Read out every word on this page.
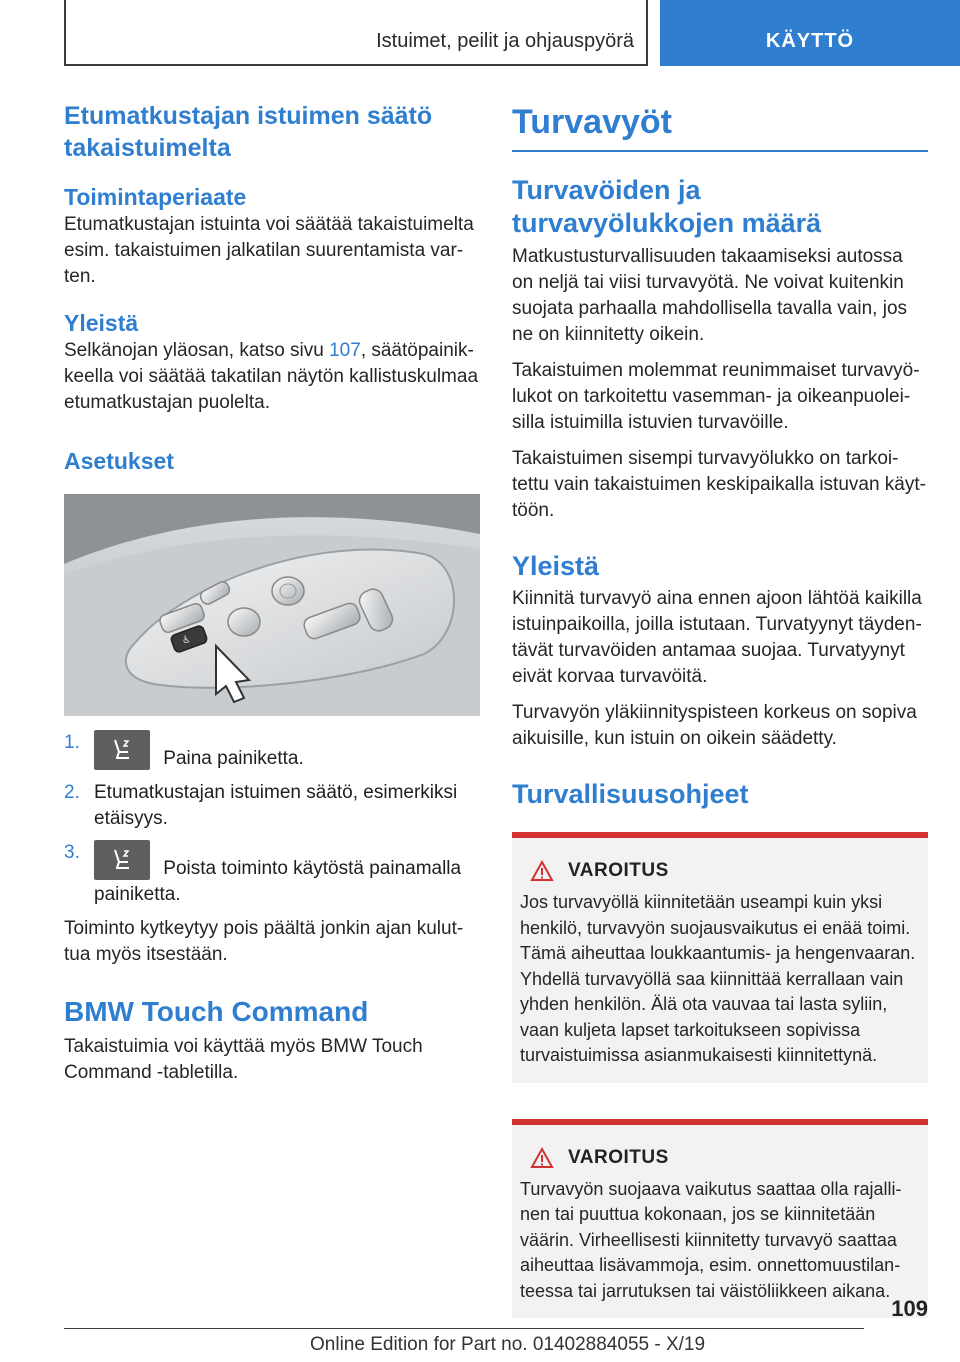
Istuimet, peilit ja ohjauspyörä	KÄYTTÖ
Etumatkustajan istuimen säätö takaistuimelta
Toimintaperiaate

Etumatkustajan istuinta voi säätää takaistuimelta esim. takaistuimen jalkatilan suurentamista varten.

Yleistä

Selkänojan yläosan, katso sivu 107, säätöpainikkeella voi säätää takatilan näytön kallistuskulmaa etumatkustajan puolelta.

Asetukset
♿
1.
Paina painiketta.
2. Etumatkustajan istuimen säätö, esimerkiksi etäisyys.
3.
Poista toiminto käytöstä painamalla painiketta.

Toiminto kytkeytyy pois päältä jonkin ajan kuluttua myös itsestään.

BMW Touch Command

Takaistuimia voi käyttää myös BMW Touch Command -tabletilla.

Turvavyöt
Turvavöiden ja turvavyölukkojen määrä

Matkustusturvallisuuden takaamiseksi autossa on neljä tai viisi turvavyötä. Ne voivat kuitenkin suojata parhaalla mahdollisella tavalla vain, jos ne on kiinnitetty oikein.

Takaistuimen molemmat reunimmaiset turvavyölukot on tarkoitettu vasemman- ja oikeanpuoleisilla istuimilla istuvien turvavöille.

Takaistuimen sisempi turvavyölukko on tarkoitettu vain takaistuimen keskipaikalla istuvan käyttöön.

Yleistä

Kiinnitä turvavyö aina ennen ajoon lähtöä kaikilla istuinpaikoilla, joilla istutaan. Turvatyynyt täydentävät turvavöiden antamaa suojaa. Turvatyynyt eivät korvaa turvavöitä.

Turvavyön yläkiinnityspisteen korkeus on sopiva aikuisille, kun istuin on oikein säädetty.

Turvallisuusohjeet
VAROITUS

Jos turvavyöllä kiinnitetään useampi kuin yksi henkilö, turvavyön suojausvaikutus ei enää toimi. Tämä aiheuttaa loukkaantumis- ja hengenvaaran. Yhdellä turvavyöllä saa kiinnittää kerrallaan vain yhden henkilön. Älä ota vauvaa tai lasta syliin, vaan kuljeta lapset tarkoitukseen sopivissa turvaistuimissa asianmukaisesti kiinnitettynä.

VAROITUS

Turvavyön suojaava vaikutus saattaa olla rajallinen tai puuttua kokonaan, jos se kiinnitetään väärin. Virheellisesti kiinnitetty turvavyö saattaa aiheuttaa lisävammoja, esim. onnettomuustilanteessa tai jarrutuksen tai väistöliikkeen aikana.

109
Online Edition for Part no. 01402884055 - X/19
